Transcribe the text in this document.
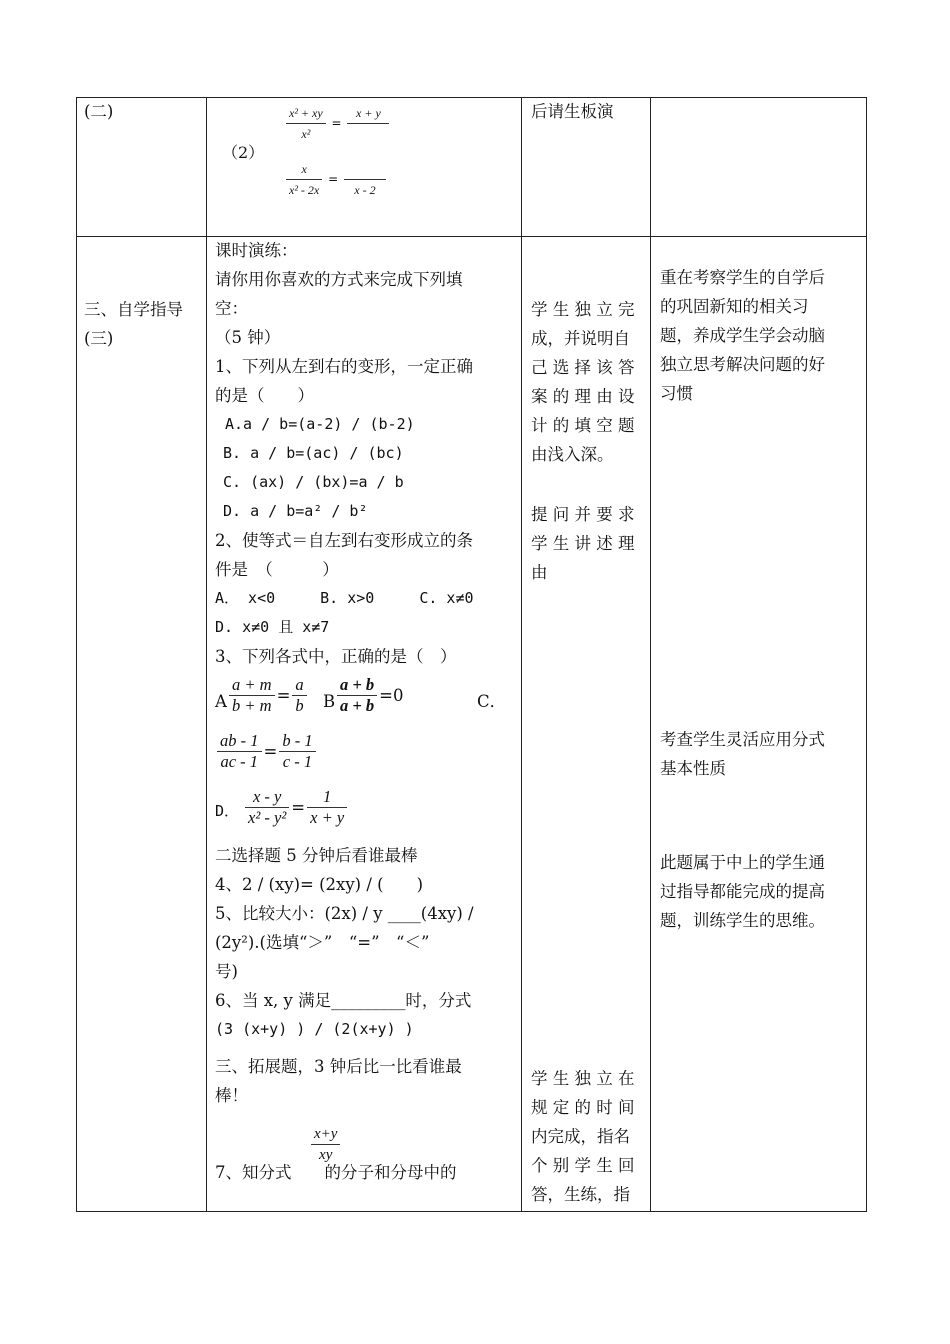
(二)	$\frac{\text{x² + xy}}{\text{x²}}$ =
x + y

（2）
$\frac{x}{\text{x² - 2x}}$ =

x - 2
后请生板演

三、自学指导

(三)

课时演练：

请你用你喜欢的方式来完成下列填

空：

（5 钟）

1、下列从左到右的变形，一定正确

的是（　　）

A.a / b=(a-2) / (b-2)

B. a / b=(ac) / (bc)

C. (ax) / (bx)=a / b

D. a / b=a² / b²

2、使等式＝自左到右变形成立的条

件是　（　　　）

A． x<0　　　B. x>0　　　C. x≠0

D. x≠0 且 x≠7

3、下列各式中，正确的是（　）

A $\frac{a + m}{b + m} = \frac{a}{b}$ B $\frac{a + b}{a + b} =0$	C．
$\frac{ab - 1}{ac - 1} = \frac{b - 1}{c - 1}$
D． $\frac{x - y}{\text{x² - y²}} = \frac{1}{x + y}$

二选择题 5 分钟后看谁最棒

4、2 / (xy)= (2xy) / (　　)

5、比较大小：(2x) / y ____(4xy) /

(2y²).(选填“＞”　“=”　“＜”

号)

6、当 x, y 满足_________时，分式

(3 (x+y) ) / (2(x+y) )

三、拓展题，3 钟后比一比看谁最

棒！

$\frac{x+y}{xy}$
7、知分式　　的分子和分母中的

学 生 独 立 完

成，并说明自

己 选 择 该 答

案 的 理 由 设

计 的 填 空 题

由浅入深。

提 问 并 要 求

学 生 讲 述 理

由

学 生 独 立 在

规 定 的 时 间

内完成，指名

个 别 学 生 回

答，生练，指

重在考察学生的自学后

的巩固新知的相关习

题，养成学生学会动脑

独立思考解决问题的好

习惯

考查学生灵活应用分式

基本性质

此题属于中上的学生通

过指导都能完成的提高

题，训练学生的思维。
